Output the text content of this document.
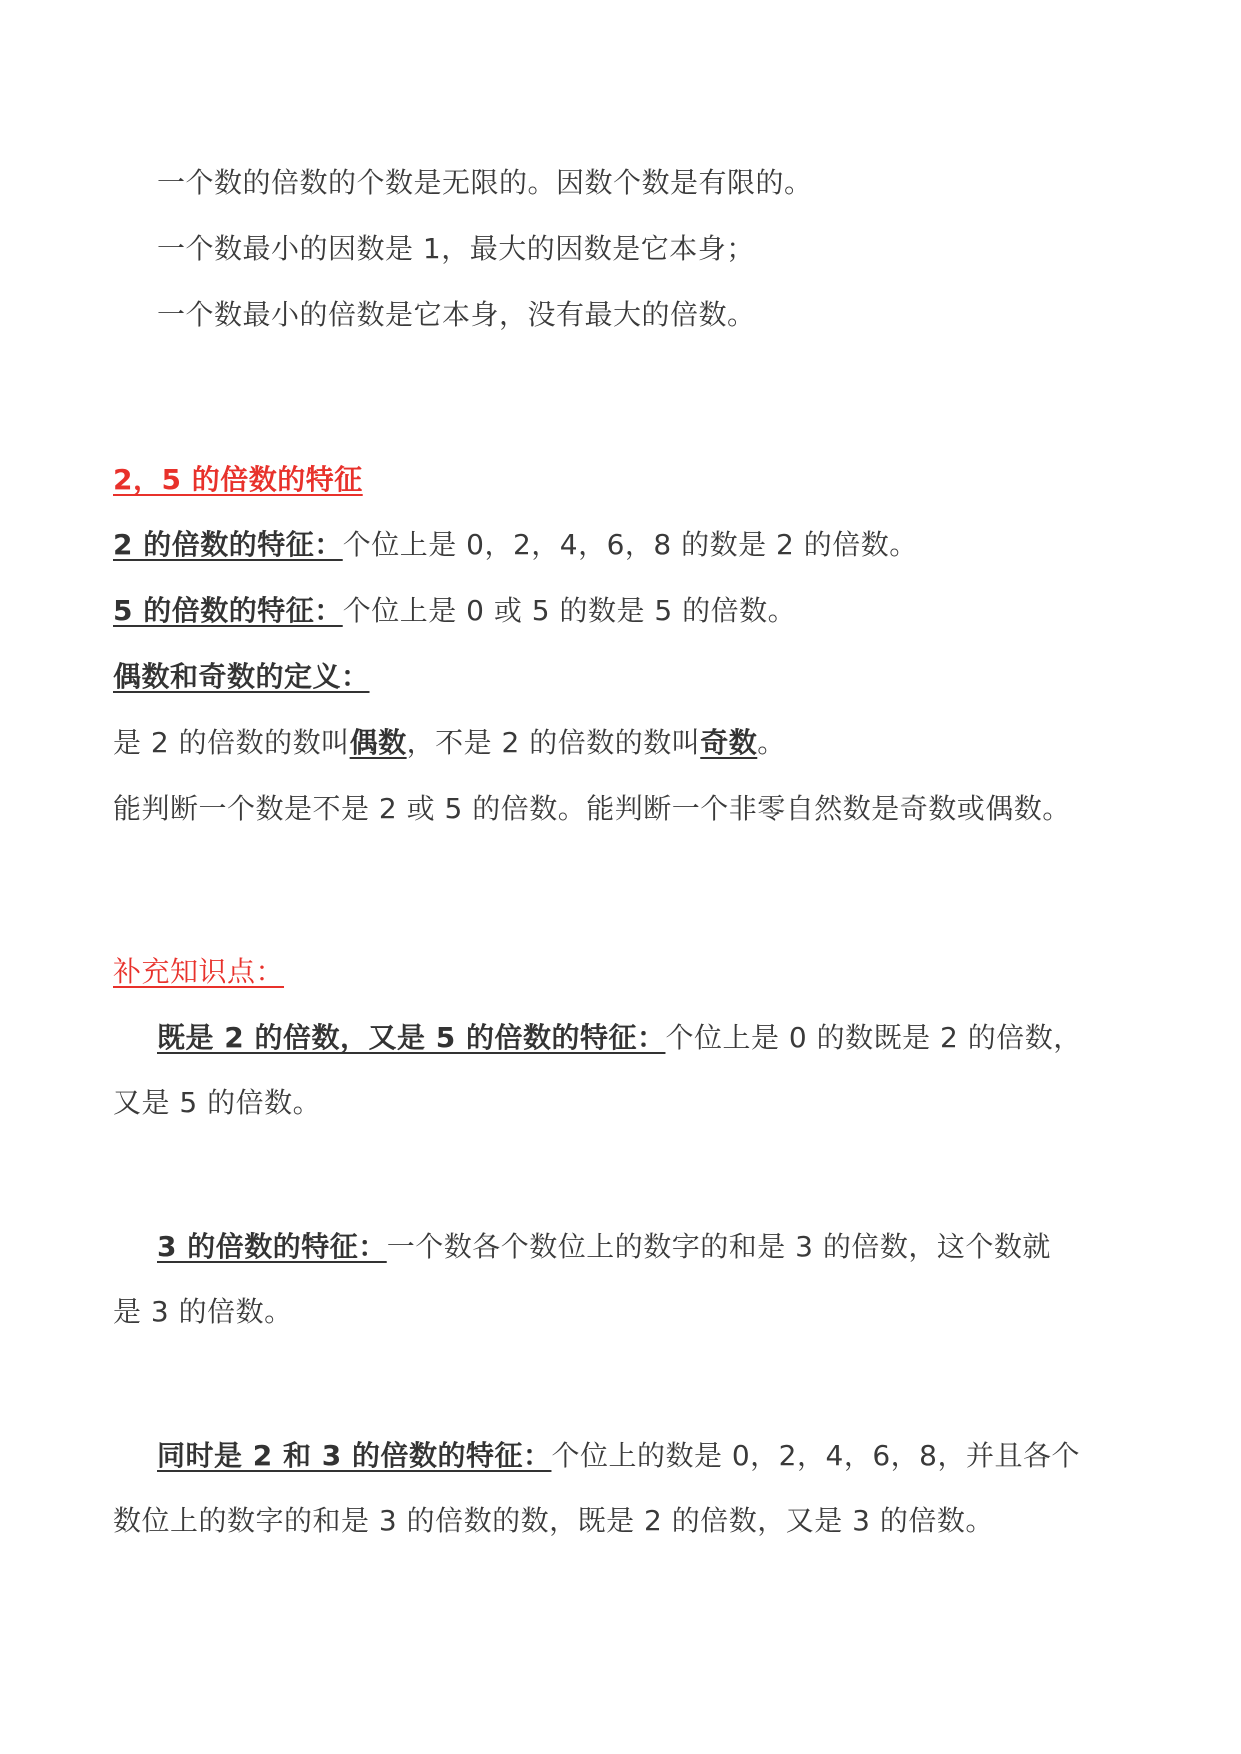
一个数的倍数的个数是无限的。因数个数是有限的。
一个数最小的因数是 1，最大的因数是它本身；
一个数最小的倍数是它本身，没有最大的倍数。
2，5 的倍数的特征
2 的倍数的特征：个位上是 0，2，4，6，8 的数是 2 的倍数。
5 的倍数的特征：个位上是 0 或 5 的数是 5 的倍数。
偶数和奇数的定义：
是 2 的倍数的数叫偶数，不是 2 的倍数的数叫奇数。
能判断一个数是不是 2 或 5 的倍数。能判断一个非零自然数是奇数或偶数。
补充知识点：
既是 2 的倍数，又是 5 的倍数的特征：个位上是 0 的数既是 2 的倍数，
又是 5 的倍数。
3 的倍数的特征：一个数各个数位上的数字的和是 3 的倍数，这个数就
是 3 的倍数。
同时是 2 和 3 的倍数的特征：个位上的数是 0，2，4，6，8，并且各个
数位上的数字的和是 3 的倍数的数，既是 2 的倍数，又是 3 的倍数。
